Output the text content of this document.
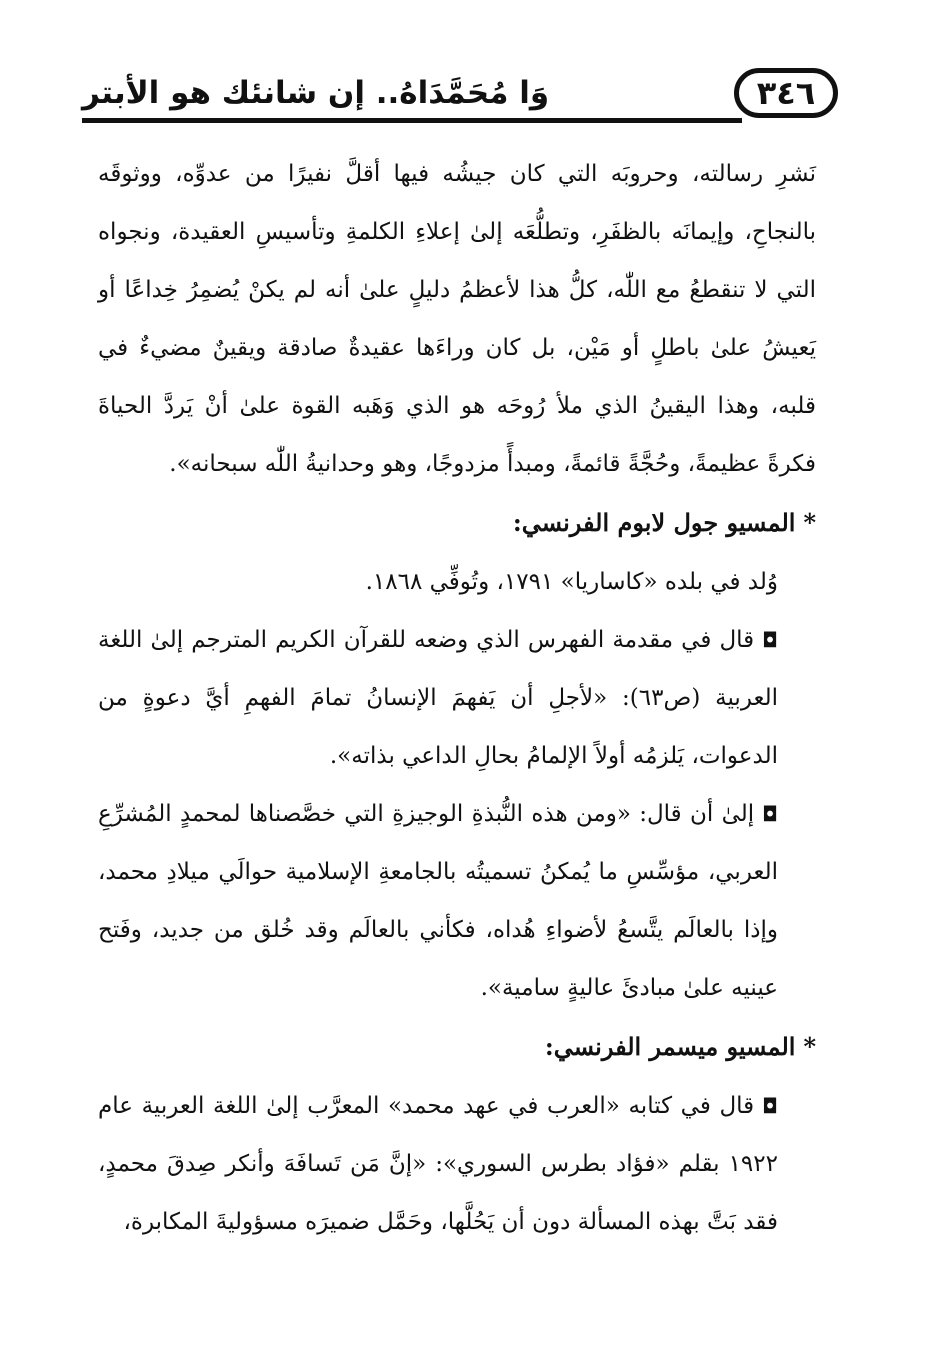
٣٤٦
وَا مُحَمَّدَاهُ.. إن شانئك هو الأبتر

نَشرِ رسالته، وحروبَه التي كان جيشُه فيها أقلَّ نفيرًا من عدوِّه، ووثوقَه بالنجاحِ، وإيمانَه بالظفَرِ، وتطلُّعَه إلىٰ إعلاءِ الكلمةِ وتأسيسِ العقيدة، ونجواه التي لا تنقطعُ مع اللّٰه، كلُّ هذا لأعظمُ دليلٍ علىٰ أنه لم يكنْ يُضمِرُ خِداعًا أو يَعيشُ علىٰ باطلٍ أو مَيْن، بل كان وراءَها عقيدةٌ صادقة ويقينٌ مضيءٌ في قلبه، وهذا اليقينُ الذي ملأ رُوحَه هو الذي وَهَبه القوة علىٰ أنْ يَردَّ الحياةَ فكرةً عظيمةً، وحُجَّةً قائمةً، ومبدأً مزدوجًا، وهو وحدانيةُ اللّٰه سبحانه».

*المسيو جول لابوم الفرنسي:

وُلد في بلده «كاساريا» ١٧٩١، وتُوفِّي ١٨٦٨.

◘قال في مقدمة الفهرس الذي وضعه للقرآن الكريم المترجم إلىٰ اللغة العربية (ص٦٣): «لأجلِ أن يَفهمَ الإنسانُ تمامَ الفهمِ أيَّ دعوةٍ من الدعوات، يَلزمُه أولاً الإلمامُ بحالِ الداعي بذاته».

◘إلىٰ أن قال: «ومن هذه النُّبذةِ الوجيزةِ التي خصَّصناها لمحمدٍ المُشرِّعِ العربي، مؤسِّسِ ما يُمكنُ تسميتُه بالجامعةِ الإسلامية حوالَي ميلادِ محمد، وإذا بالعالَم يتَّسعُ لأضواءِ هُداه، فكأني بالعالَم وقد خُلق من جديد، وفَتح عينيه علىٰ مبادئَ عاليةٍ سامية».

*المسيو ميسمر الفرنسي:

◘قال في كتابه «العرب في عهد محمد» المعرَّب إلىٰ اللغة العربية عام ١٩٢٢ بقلم «فؤاد بطرس السوري»: «إنَّ مَن تَسافَهَ وأنكر صِدقَ محمدٍ، فقد بَتَّ بهذه المسألة دون أن يَحُلَّها، وحَمَّل ضميرَه مسؤوليةَ المكابرة،
